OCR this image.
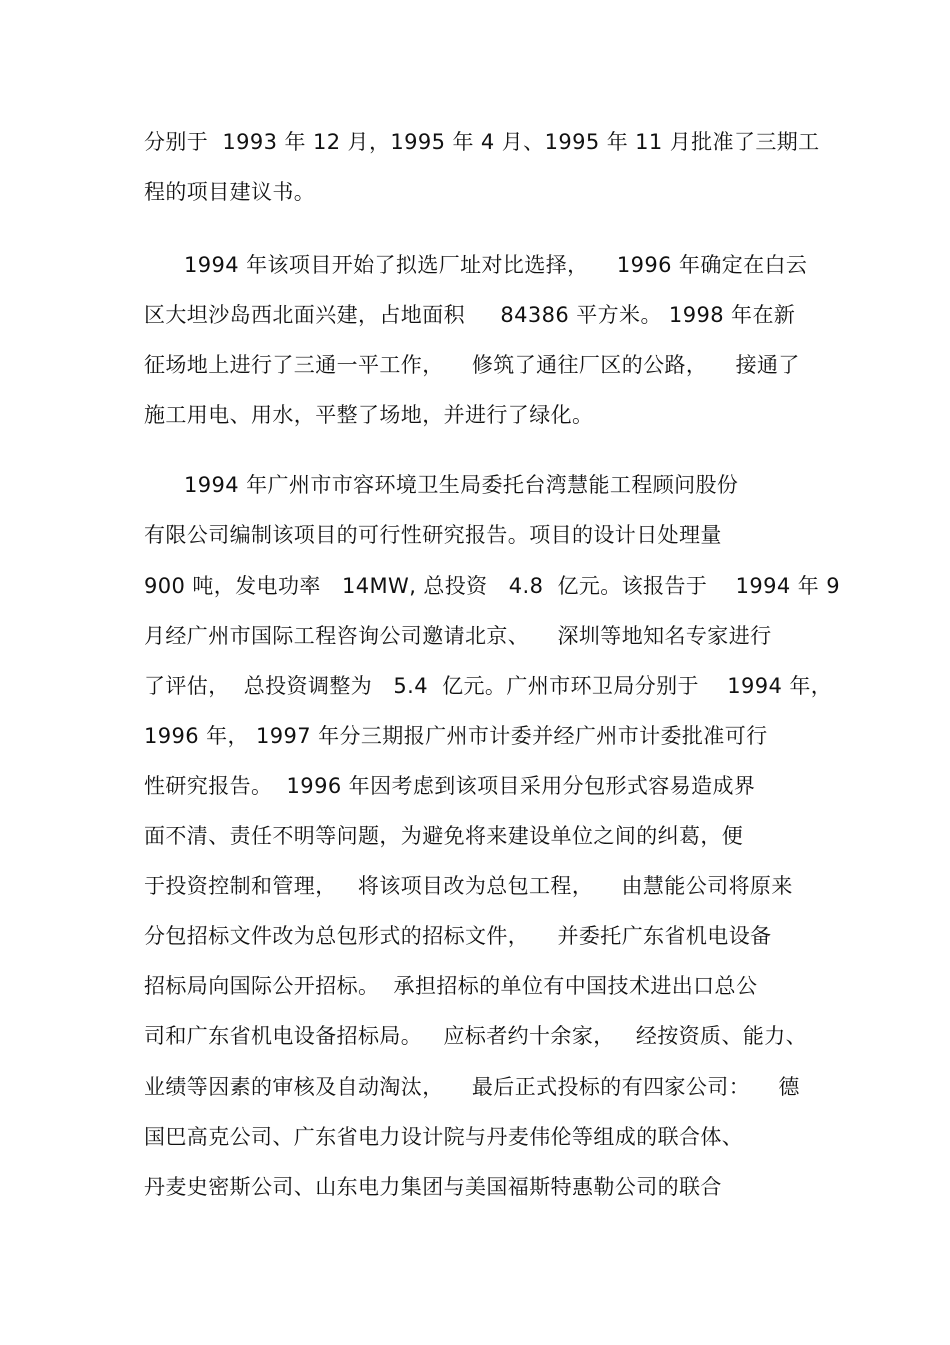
分别于  1993 年 12 月，1995 年 4 月、1995 年 11 月批准了三期工
程的项目建议书。
1994 年该项目开始了拟选厂址对比选择，    1996 年确定在白云
区大坦沙岛西北面兴建，占地面积     84386 平方米。 1998 年在新
征场地上进行了三通一平工作，    修筑了通往厂区的公路，    接通了
施工用电、用水，平整了场地，并进行了绿化。
1994 年广州市市容环境卫生局委托台湾慧能工程顾问股份
有限公司编制该项目的可行性研究报告。项目的设计日处理量
900 吨，发电功率   14MW, 总投资   4.8  亿元。该报告于    1994 年 9
月经广州市国际工程咨询公司邀请北京、    深圳等地知名专家进行
了评估，  总投资调整为   5.4  亿元。广州市环卫局分别于    1994 年，
1996 年， 1997 年分三期报广州市计委并经广州市计委批准可行
性研究报告。  1996 年因考虑到该项目采用分包形式容易造成界
面不清、责任不明等问题，为避免将来建设单位之间的纠葛，便
于投资控制和管理，   将该项目改为总包工程，    由慧能公司将原来
分包招标文件改为总包形式的招标文件，    并委托广东省机电设备
招标局向国际公开招标。  承担招标的单位有中国技术进出口总公
司和广东省机电设备招标局。   应标者约十余家，   经按资质、能力、
业绩等因素的审核及自动淘汰，    最后正式投标的有四家公司：    德
国巴高克公司、广东省电力设计院与丹麦伟伦等组成的联合体、
丹麦史密斯公司、山东电力集团与美国福斯特惠勒公司的联合
